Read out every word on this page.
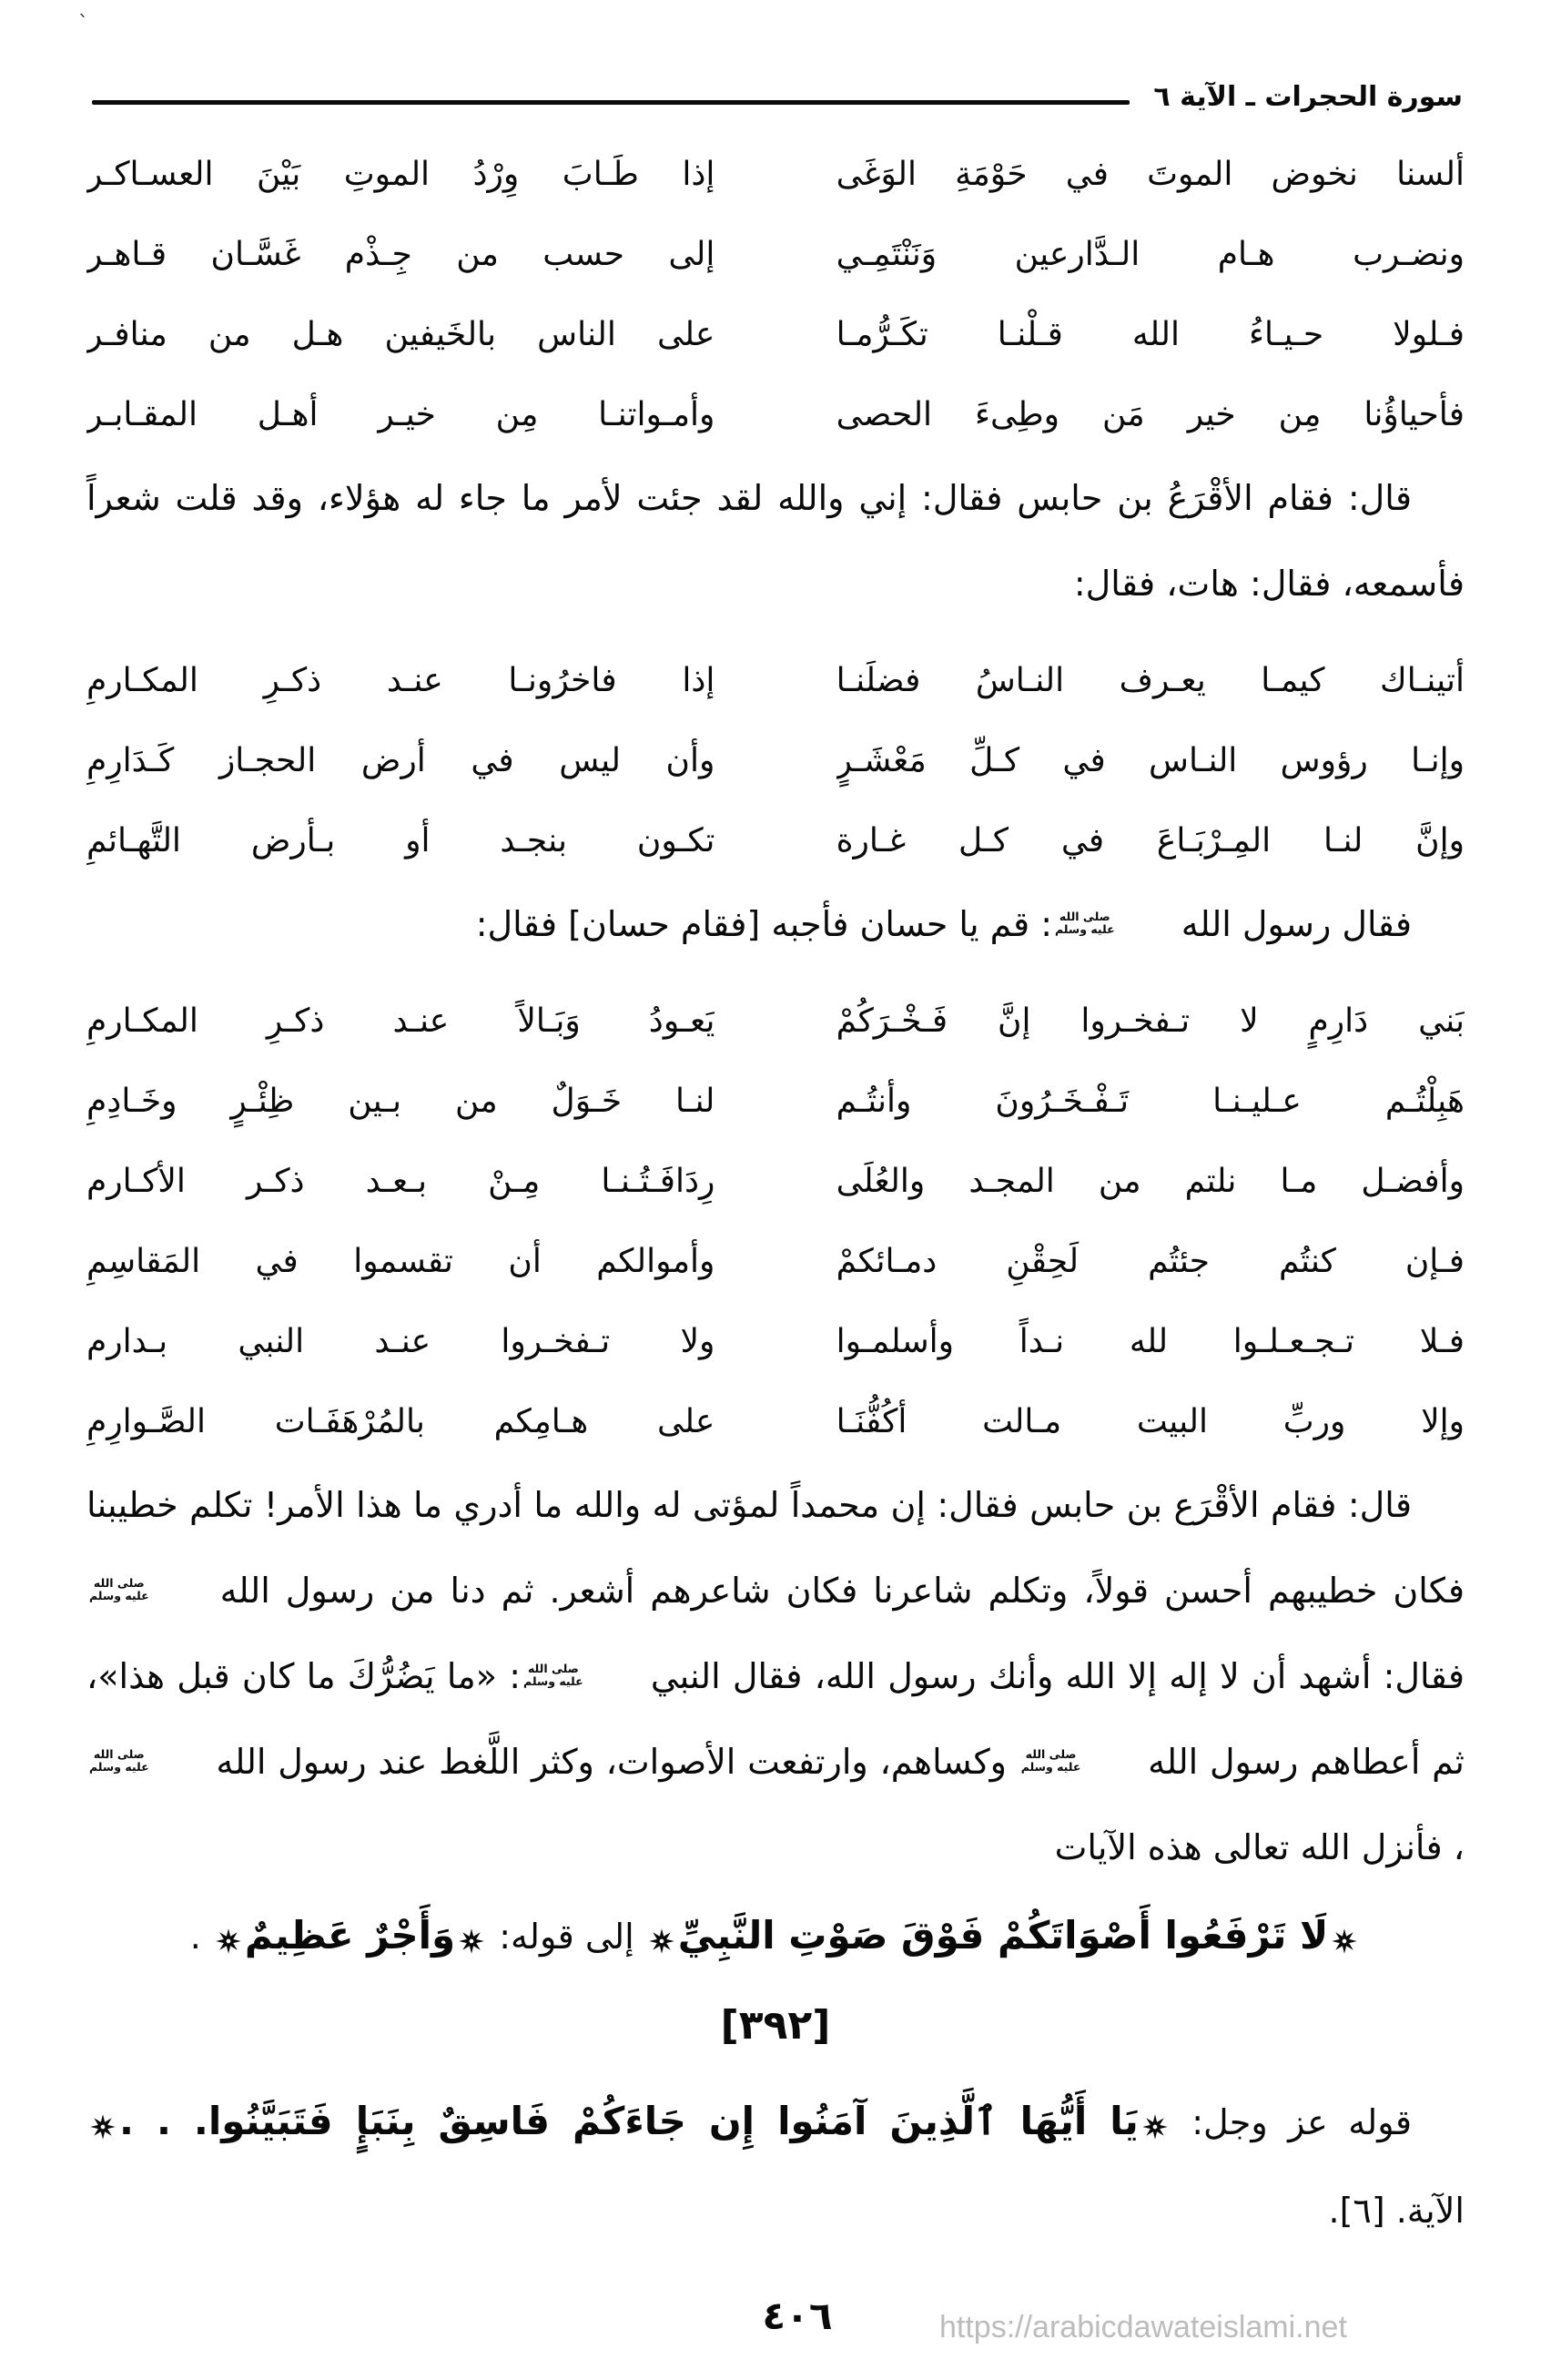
ˋ
سورة الحجرات ـ الآية ٦
ألسنا نخوض الموتَ في حَوْمَةِ الوَغَى
إذا طَـابَ وِرْدُ الموتِ بَيْنَ العسـاكـر
ونضـرب هـام الـدَّارعين وَنَنْتَمِـي
إلى حسب من جِـذْم غَسَّـان قـاهـر
فـلولا حـيـاءُ الله قـلْنـا تكَـرُّمـا
على الناس بالخَيفين هـل من منافـر
فأحياؤُنا مِن خير مَن وطِىءَ الحصى
وأمـواتنـا مِن خيـر أهـل المقـابـر

قال: فقام الأقْرَعُ بن حابس فقال: إني والله لقد جئت لأمر ما جاء له هؤلاء، وقد قلت شعراً فأسمعه، فقال: هات، فقال:

أتينـاك كيمـا يعـرف النـاسُ فضلَنـا
إذا فاخرُونـا عنـد ذكـرِ المكـارمِ
وإنـا رؤوس النـاس في كـلِّ مَعْشَـرٍ
وأن ليس في أرض الحجـاز كَـدَارِمِ
وإنَّ لنـا المِـرْبَـاعَ في كـل غـارة
تكـون بنجـد أو بـأرض التَّهـائمِ

فقال رسول الله
صلى الله
عليه وسلم
: قم يا حسان فأجبه [فقام حسان] فقال:

بَني دَارِمٍ لا تـفخـروا إنَّ فَـخْـرَكُمْ
يَعـودُ وَبَـالاً عنـد ذكـرِ المكـارمِ
هَبِلْتُـم عـليـنـا تَـفْـخَـرُونَ وأنتُـم
لنـا خَـوَلٌ من بـين ظِئْـرٍ وخَـادِمِ
وأفضـل مـا نلتم من المجـد والعُلَى
رِدَافَـتُـنـا مِـنْ بـعـد ذكـر الأكـارم
فـإن كنتُم جئتُم لَحِقْنِ دمـائكمْ
وأموالكم أن تقسموا في المَقاسِمِ
فـلا تـجـعـلـوا لله نـداً وأسلمـوا
ولا تـفخـروا عنـد النبي بـدارم
وإلا وربِّ البيت مـالت أكُفُّنَـا
على هـامِكم بالمُرْهَفَـات الصَّـوارِمِ

قال: فقام الأقْرَع بن حابس فقال: إن محمداً لمؤتى له والله ما أدري ما هذا الأمر! تكلم خطيبنا فكان خطيبهم أحسن قولاً، وتكلم شاعرنا فكان شاعرهم أشعر. ثم دنا من رسول الله
صلى الله
عليه وسلم
فقال: أشهد أن لا إله إلا الله وأنك رسول الله، فقال النبي
صلى الله
عليه وسلم
: «ما يَضُرُّكَ ما كان قبل هذا»، ثم أعطاهم رسول الله
صلى الله
عليه وسلم
وكساهم، وارتفعت الأصوات، وكثر اللَّغط عند رسول الله
صلى الله
عليه وسلم
، فأنزل الله تعالى هذه الآيات

لَا تَرْفَعُوا أَصْوَاتَكُمْ فَوْقَ صَوْتِ النَّبِيِّ
إلى قوله:
وَأَجْرٌ عَظِيمٌ
.
[٣٩٢]

قوله عز وجل:
يَا أَيُّهَا ٱلَّذِينَ آمَنُوا إِن جَاءَكُمْ فَاسِقٌ بِنَبَإٍ فَتَبَيَّنُوا. . .

الآية. [٦].
٤٠٦	https://arabicdawateislami.net
